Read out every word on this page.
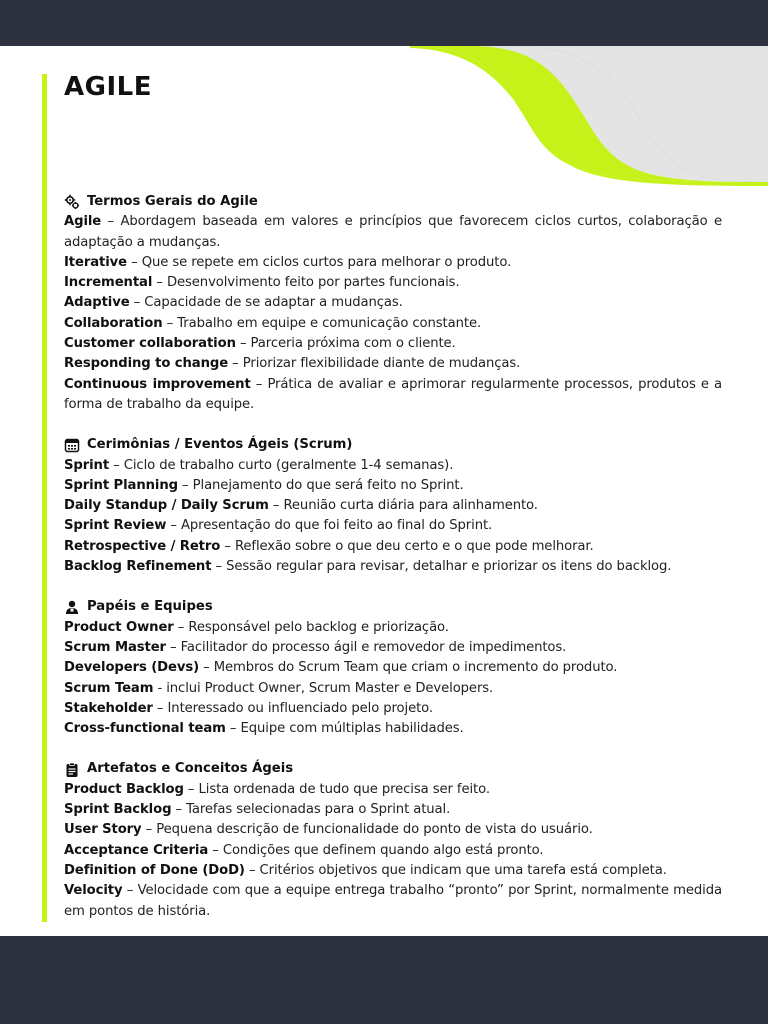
AGILE
Termos Gerais do Agile
Agile – Abordagem baseada em valores e princípios que favorecem ciclos curtos, colaboração e adaptação a mudanças.
Iterative – Que se repete em ciclos curtos para melhorar o produto.
Incremental – Desenvolvimento feito por partes funcionais.
Adaptive – Capacidade de se adaptar a mudanças.
Collaboration – Trabalho em equipe e comunicação constante.
Customer collaboration – Parceria próxima com o cliente.
Responding to change – Priorizar flexibilidade diante de mudanças.
Continuous improvement – Prática de avaliar e aprimorar regularmente processos, produtos e a forma de trabalho da equipe.
Cerimônias / Eventos Ágeis (Scrum)
Sprint – Ciclo de trabalho curto (geralmente 1-4 semanas).
Sprint Planning – Planejamento do que será feito no Sprint.
Daily Standup / Daily Scrum – Reunião curta diária para alinhamento.
Sprint Review – Apresentação do que foi feito ao final do Sprint.
Retrospective / Retro – Reflexão sobre o que deu certo e o que pode melhorar.
Backlog Refinement – Sessão regular para revisar, detalhar e priorizar os itens do backlog.
Papéis e Equipes
Product Owner – Responsável pelo backlog e priorização.
Scrum Master – Facilitador do processo ágil e removedor de impedimentos.
Developers (Devs) – Membros do Scrum Team que criam o incremento do produto.
Scrum Team - inclui Product Owner, Scrum Master e Developers.
Stakeholder – Interessado ou influenciado pelo projeto.
Cross-functional team – Equipe com múltiplas habilidades.
Artefatos e Conceitos Ágeis
Product Backlog – Lista ordenada de tudo que precisa ser feito.
Sprint Backlog – Tarefas selecionadas para o Sprint atual.
User Story – Pequena descrição de funcionalidade do ponto de vista do usuário.
Acceptance Criteria – Condições que definem quando algo está pronto.
Definition of Done (DoD) – Critérios objetivos que indicam que uma tarefa está completa.
Velocity – Velocidade com que a equipe entrega trabalho “pronto” por Sprint, normalmente medida em pontos de história.
